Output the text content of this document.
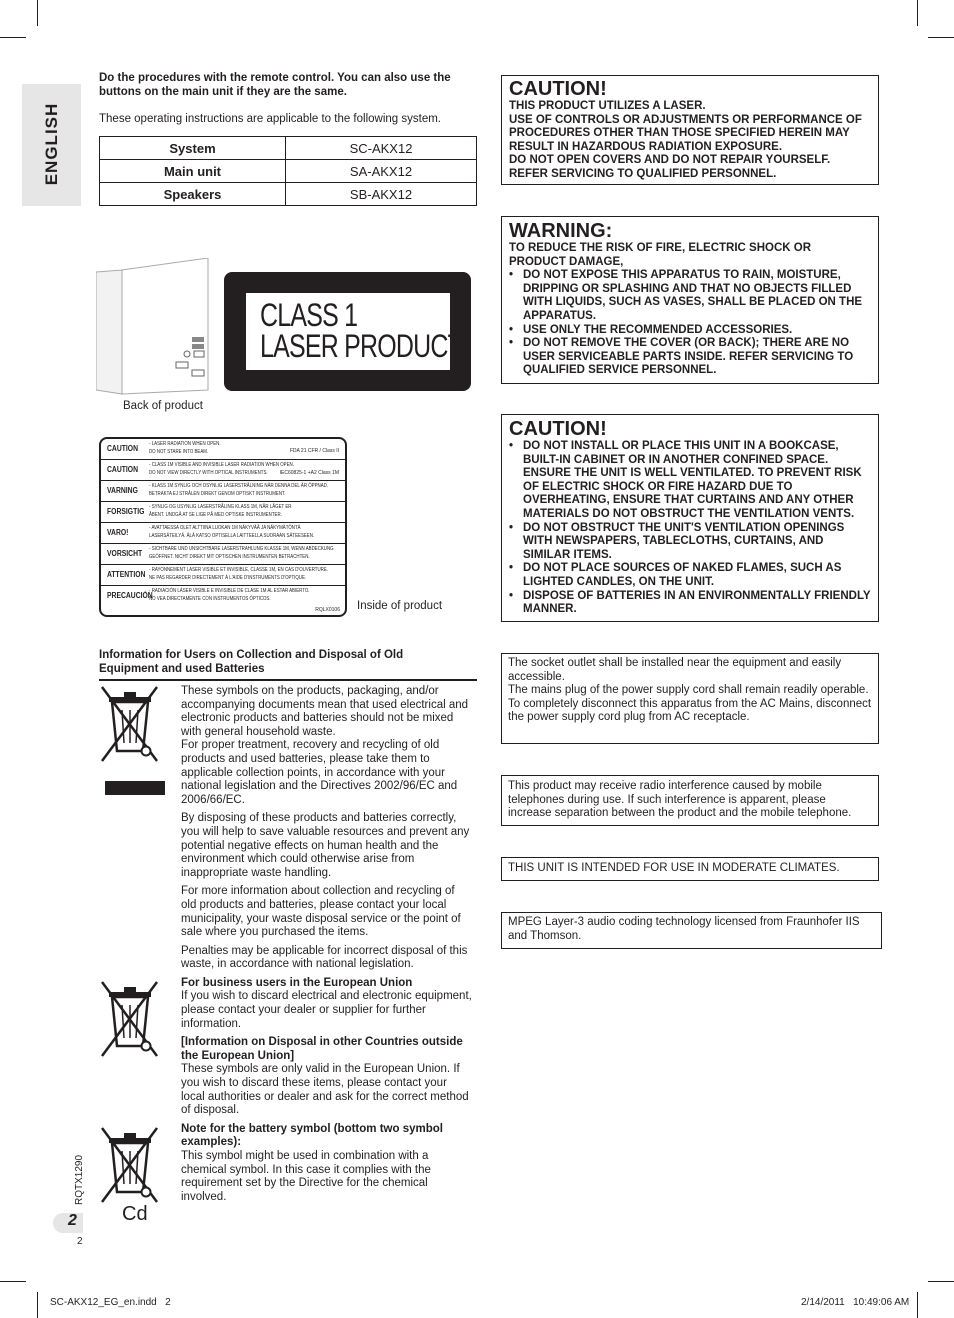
ENGLISH

Do the procedures with the remote control. You can also use the buttons on the main unit if they are the same.

These operating instructions are applicable to the following system.

System	SC-AKX12
Main unit	SA-AKX12
Speakers	SB-AKX12
Back of product
CLASS 1
LASER PRODUCT
CAUTION - LASER RADIATION WHEN OPEN.
DO NOT STARE INTO BEAM.	FDA 21 CFR / Class II
CAUTION - CLASS 1M VISIBLE AND INVISIBLE LASER RADIATION WHEN OPEN.
DO NOT VIEW DIRECTLY WITH OPTICAL INSTRUMENTS. IEC60825-1 +A2 Class 1M
VARNING - KLASS 1M SYNLIG OCH OSYNLIG LASERSTRÅLNING NÄR DENNA DEL ÄR ÖPPNAD.
BETRAKTA EJ STRÅLEN DIREKT GENOM OPTISKT INSTRUMENT.
FORSIGTIG - SYNLIG OG USYNLIG LASERSTRÅLING KLASS 1M, NÅR LÅGET ER
ÅBENT. UNDGÅ AT SE LIGE PÅ MED OPTISKE INSTRUMENTER.
VARO!	- AVATTAESSA OLET ALTTIINA LUOKAN 1M NÄKYVÄÄ JA NÄKYMÄTÖNTÄ
LASERSÄTEILYÄ. ÄLÄ KATSO OPTISELLA LAITTEELLA SUORAAN SÄTEESEEN.
VORSICHT - SICHTBARE UND UNSICHTBARE LASERSTRAHLUNG KLASSE 1M, WENN ABDECKUNG
GEÖFFNET. NICHT DIREKT MIT OPTISCHEN INSTRUMENTEN BETRACHTEN.
ATTENTION - RAYONNEMENT LASER VISIBLE ET INVISIBLE, CLASSE 1M, EN CAS D'OUVERTURE.
NE PAS REGARDER DIRECTEMENT À L'AIDE D'INSTRUMENTS D'OPTIQUE.
PRECAUCIÓN
- RADIACIÓN LÁSER VISIBLE E INVISIBLE DE CLASE 1M AL ESTAR ABIERTO.
NO VEA DIRECTAMENTE CON INSTRUMENTOS ÓPTICOS.
RQLX0106 Inside of product

Information for Users on Collection and Disposal of Old Equipment and used Batteries

These symbols on the products, packaging, and/or accompanying documents mean that used electrical and electronic products and batteries should not be mixed with general household waste.

For proper treatment, recovery and recycling of old products and used batteries, please take them to applicable collection points, in accordance with your national legislation and the Directives 2002/96/EC and 2006/66/EC.

By disposing of these products and batteries correctly, you will help to save valuable resources and prevent any potential negative effects on human health and the environment which could otherwise arise from inappropriate waste handling.

For more information about collection and recycling of old products and batteries, please contact your local municipality, your waste disposal service or the point of sale where you purchased the items.

Penalties may be applicable for incorrect disposal of this waste, in accordance with national legislation.

For business users in the European Union

If you wish to discard electrical and electronic equipment, please contact your dealer or supplier for further information.

[Information on Disposal in other Countries outside the European Union]

These symbols are only valid in the European Union. If you wish to discard these items, please contact your local authorities or dealer and ask for the correct method of disposal.

Note for the battery symbol (bottom two symbol examples):

This symbol might be used in combination with a chemical symbol. In this case it complies with the requirement set by the Directive for the chemical involved.

Cd
RQTX1290
2
2
CAUTION!

THIS PRODUCT UTILIZES A LASER.

USE OF CONTROLS OR ADJUSTMENTS OR PERFORMANCE OF PROCEDURES OTHER THAN THOSE SPECIFIED HEREIN MAY RESULT IN HAZARDOUS RADIATION EXPOSURE.

DO NOT OPEN COVERS AND DO NOT REPAIR YOURSELF.

REFER SERVICING TO QUALIFIED PERSONNEL.

WARNING:

TO REDUCE THE RISK OF FIRE, ELECTRIC SHOCK OR PRODUCT DAMAGE,

• DO NOT EXPOSE THIS APPARATUS TO RAIN, MOISTURE, DRIPPING OR SPLASHING AND THAT NO OBJECTS FILLED WITH LIQUIDS, SUCH AS VASES, SHALL BE PLACED ON THE APPARATUS.
• USE ONLY THE RECOMMENDED ACCESSORIES.
• DO NOT REMOVE THE COVER (OR BACK); THERE ARE NO USER SERVICEABLE PARTS INSIDE. REFER SERVICING TO QUALIFIED SERVICE PERSONNEL.
CAUTION!
• DO NOT INSTALL OR PLACE THIS UNIT IN A BOOKCASE, BUILT-IN CABINET OR IN ANOTHER CONFINED SPACE. ENSURE THE UNIT IS WELL VENTILATED. TO PREVENT RISK OF ELECTRIC SHOCK OR FIRE HAZARD DUE TO OVERHEATING, ENSURE THAT CURTAINS AND ANY OTHER MATERIALS DO NOT OBSTRUCT THE VENTILATION VENTS.
• DO NOT OBSTRUCT THE UNIT'S VENTILATION OPENINGS WITH NEWSPAPERS, TABLECLOTHS, CURTAINS, AND SIMILAR ITEMS.
• DO NOT PLACE SOURCES OF NAKED FLAMES, SUCH AS LIGHTED CANDLES, ON THE UNIT.
• DISPOSE OF BATTERIES IN AN ENVIRONMENTALLY FRIENDLY MANNER.

The socket outlet shall be installed near the equipment and easily accessible.

The mains plug of the power supply cord shall remain readily operable.

To completely disconnect this apparatus from the AC Mains, disconnect the power supply cord plug from AC receptacle.

This product may receive radio interference caused by mobile telephones during use. If such interference is apparent, please increase separation between the product and the mobile telephone.

THIS UNIT IS INTENDED FOR USE IN MODERATE CLIMATES.

MPEG Layer-3 audio coding technology licensed from Fraunhofer IIS and Thomson.

SC-AKX12_EG_en.indd   2	2/14/2011   10:49:06 AM
